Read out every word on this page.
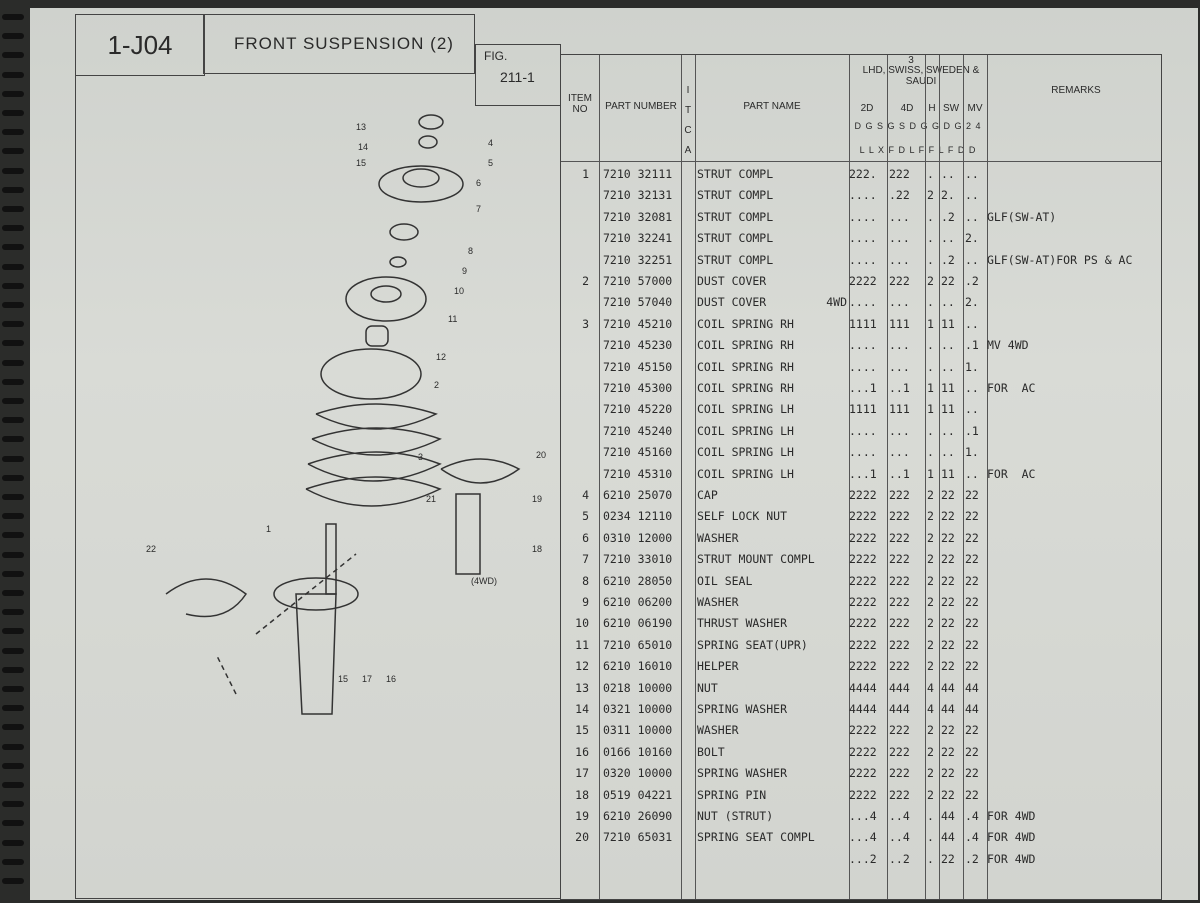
1-J04	FRONT SUSPENSION (2)
FIG.
211-1
13
14
15
4
5
6
7
8
9
10
11
12
2
3	20
19
18
21
1
22
15 17 16
(4WD)
3
LHD, SWISS, SWEDEN & SAUDI
ITEM NO	PART NUMBER
I T C A
PART NAME
REMARKS
2D	4D	H SW MV
D G S G S D G G D G 2 4
L L X F D L F F L F D D
1 7210 32111 STRUT COMPL	222.	222	. .. ..
7210 32131 STRUT COMPL	....	.22	2 2. ..
7210 32081 STRUT COMPL	....	...	. .2 .. GLF(SW-AT)
7210 32241 STRUT COMPL	....	...	. .. 2.
7210 32251 STRUT COMPL	....	...	. .2 .. GLF(SW-AT)FOR PS & AC
2 7210 57000 DUST COVER	2222	222	2 22 .2
7210 57040 DUST COVER	4WD ....	...	. .. 2.
3 7210 45210 COIL SPRING RH	1111	111	1 11 ..
7210 45230 COIL SPRING RH	....	...	. .. .1 MV 4WD
7210 45150 COIL SPRING RH	....	...	. .. 1.
7210 45300 COIL SPRING RH	...1	..1	1 11 .. FOR  AC
7210 45220 COIL SPRING LH	1111	111	1 11 ..
7210 45240 COIL SPRING LH	....	...	. .. .1
7210 45160 COIL SPRING LH	....	...	. .. 1.
7210 45310 COIL SPRING LH	...1	..1	1 11 .. FOR  AC
4 6210 25070 CAP	2222	222	2 22 22
5 0234 12110 SELF LOCK NUT	2222	222	2 22 22
6 0310 12000 WASHER	2222	222	2 22 22
7 7210 33010 STRUT MOUNT COMPL	2222	222	2 22 22
8 6210 28050 OIL SEAL	2222	222	2 22 22
9 6210 06200 WASHER	2222	222	2 22 22
10 6210 06190 THRUST WASHER	2222	222	2 22 22
11 7210 65010 SPRING SEAT(UPR)	2222	222	2 22 22
12 6210 16010 HELPER	2222	222	2 22 22
13 0218 10000 NUT	4444	444	4 44 44
14 0321 10000 SPRING WASHER	4444	444	4 44 44
15 0311 10000 WASHER	2222	222	2 22 22
16 0166 10160 BOLT	2222	222	2 22 22
17 0320 10000 SPRING WASHER	2222	222	2 22 22
18 0519 04221 SPRING PIN	2222	222	2 22 22
19 6210 26090 NUT (STRUT)	...4	..4	. 44 .4 FOR 4WD
20 7210 65031 SPRING SEAT COMPL	...4	..4	. 44 .4 FOR 4WD
...2	..2	. 22 .2 FOR 4WD
